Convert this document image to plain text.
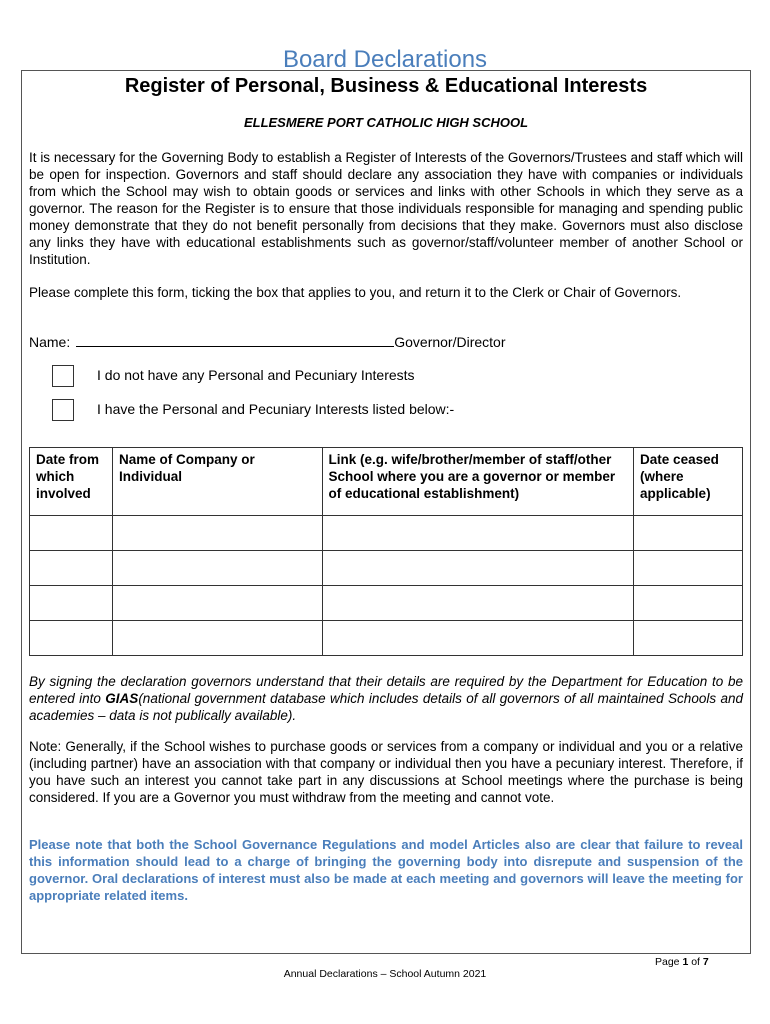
Board Declarations
Register of Personal, Business & Educational Interests
ELLESMERE PORT CATHOLIC HIGH SCHOOL

It is necessary for the Governing Body to establish a Register of Interests of the Governors/Trustees and staff which will be open for inspection. Governors and staff should declare any association they have with companies or individuals from which the School may wish to obtain goods or services and links with other Schools in which they serve as a governor. The reason for the Register is to ensure that those individuals responsible for managing and spending public money demonstrate that they do not benefit personally from decisions that they make. Governors must also disclose any links they have with educational establishments such as governor/staff/volunteer member of another School or Institution.

Please complete this form, ticking the box that applies to you, and return it to the Clerk or Chair of Governors.

Name:	Governor/Director
I do not have any Personal and Pecuniary Interests
I have the Personal and Pecuniary Interests listed below:-
Date from which involved	Name of Company or Individual	Link (e.g. wife/brother/member of staff/other School where you are a governor or member of educational establishment)	Date ceased (where applicable)

By signing the declaration governors understand that their details are required by the Department for Education to be entered into GIAS(national government database which includes details of all governors of all maintained Schools and academies – data is not publically available).

Note: Generally, if the School wishes to purchase goods or services from a company or individual and you or a relative (including partner) have an association with that company or individual then you have a pecuniary interest. Therefore, if you have such an interest you cannot take part in any discussions at School meetings where the purchase is being considered. If you are a Governor you must withdraw from the meeting and cannot vote.

Please note that both the School Governance Regulations and model Articles also are clear that failure to reveal this information should lead to a charge of bringing the governing body into disrepute and suspension of the governor. Oral declarations of interest must also be made at each meeting and governors will leave the meeting for appropriate related items.

Page 1 of 7
Annual Declarations – School Autumn 2021
